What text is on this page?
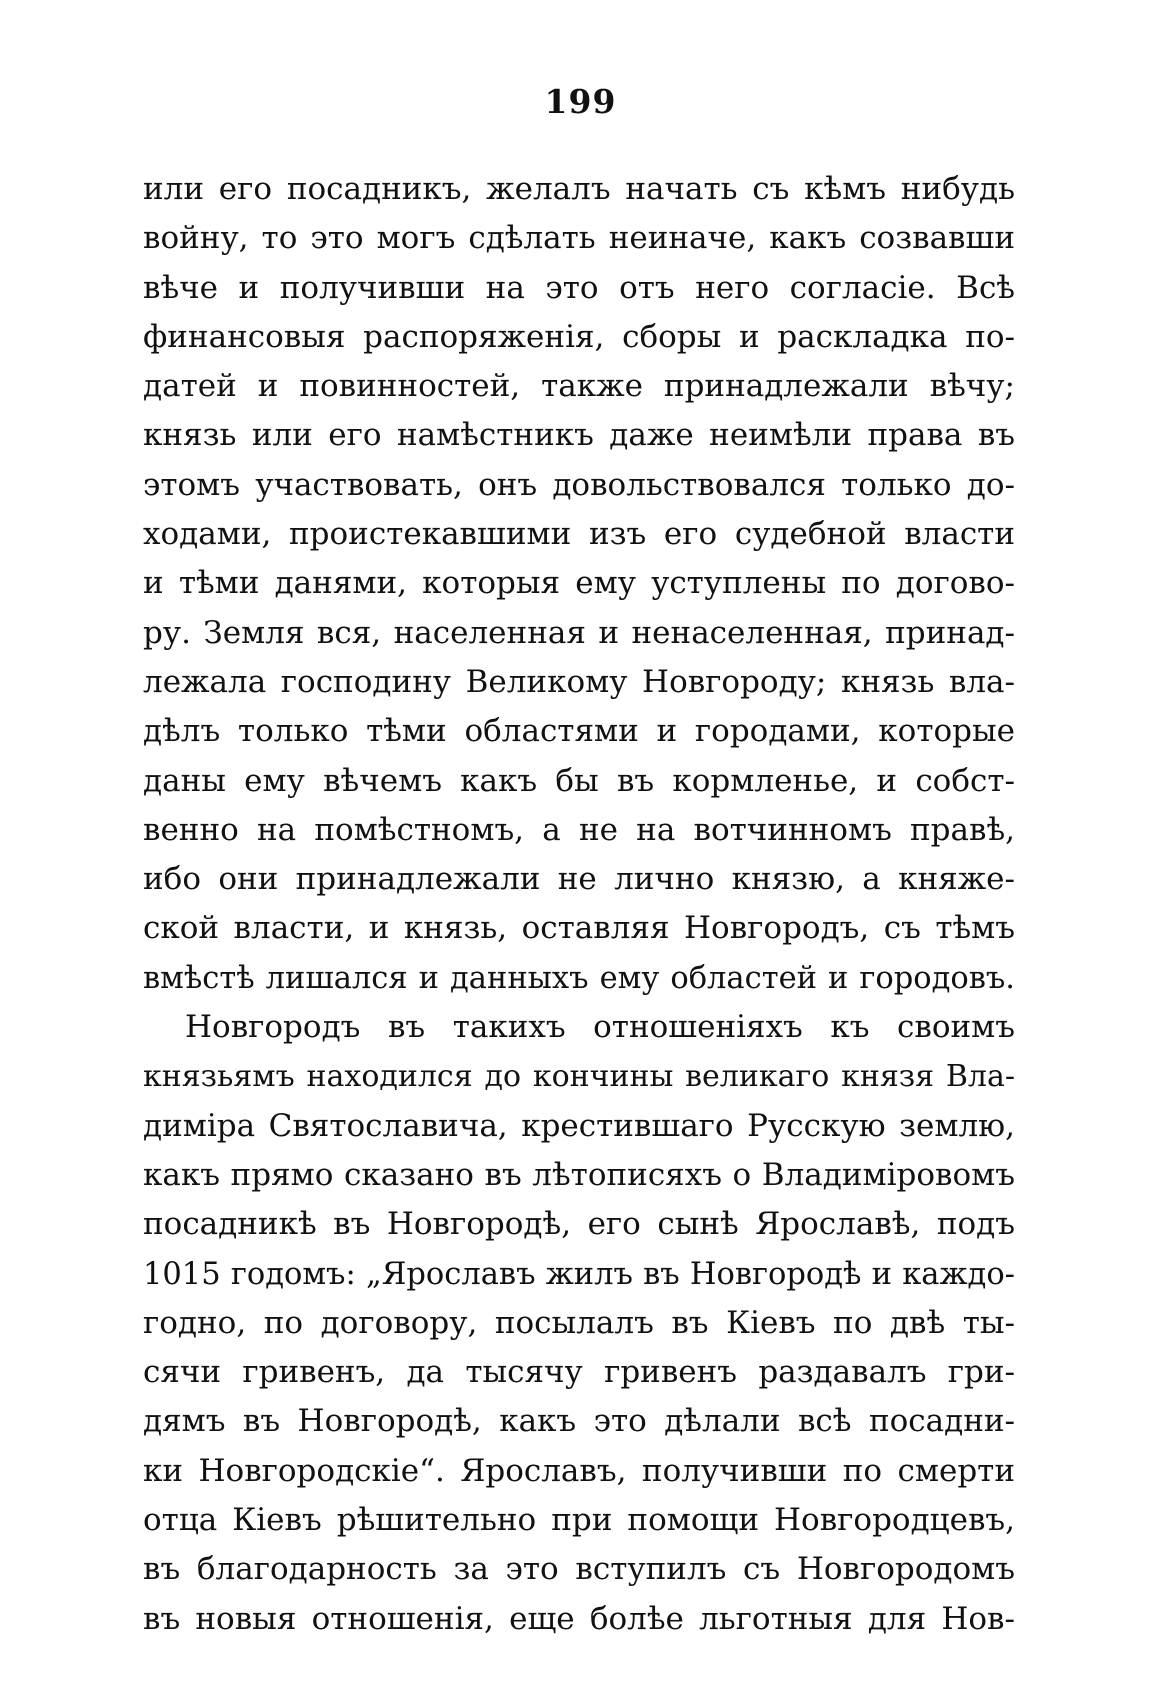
199
или его посадникъ, желалъ начать съ кѣмъ нибудь
войну, то это могъ сдѣлать неиначе, какъ созвавши
вѣче и получивши на это отъ него согласіе. Всѣ
финансовыя распоряженія, сборы и раскладка по-
датей и повинностей, также принадлежали вѣчу;
князь или его намѣстникъ даже неимѣли права въ
этомъ участвовать, онъ довольствовался только до-
ходами, проистекавшими изъ его судебной власти
и тѣми данями, которыя ему уступлены по догово-
ру. Земля вся, населенная и ненаселенная, принад-
лежала господину Великому Новгороду; князь вла-
дѣлъ только тѣми областями и городами, которые
даны ему вѣчемъ какъ бы въ кормленье, и собст-
венно на помѣстномъ, а не на вотчинномъ правѣ,
ибо они принадлежали не лично князю, а княже-
ской власти, и князь, оставляя Новгородъ, съ тѣмъ
вмѣстѣ лишался и данныхъ ему областей и городовъ.
Новгородъ въ такихъ отношеніяхъ къ своимъ
князьямъ находился до кончины великаго князя Вла-
диміра Святославича, крестившаго Русскую землю,
какъ прямо сказано въ лѣтописяхъ о Владиміровомъ
посадникѣ въ Новгородѣ, его сынѣ Ярославѣ, подъ
1015 годомъ: „Ярославъ жилъ въ Новгородѣ и каждо-
годно, по договору, посылалъ въ Кіевъ по двѣ ты-
сячи гривенъ, да тысячу гривенъ раздавалъ гри-
дямъ въ Новгородѣ, какъ это дѣлали всѣ посадни-
ки Новгородскіе“. Ярославъ, получивши по смерти
отца Кіевъ рѣшительно при помощи Новгородцевъ,
въ благодарность за это вступилъ съ Новгородомъ
въ новыя отношенія, еще болѣе льготныя для Нов-
